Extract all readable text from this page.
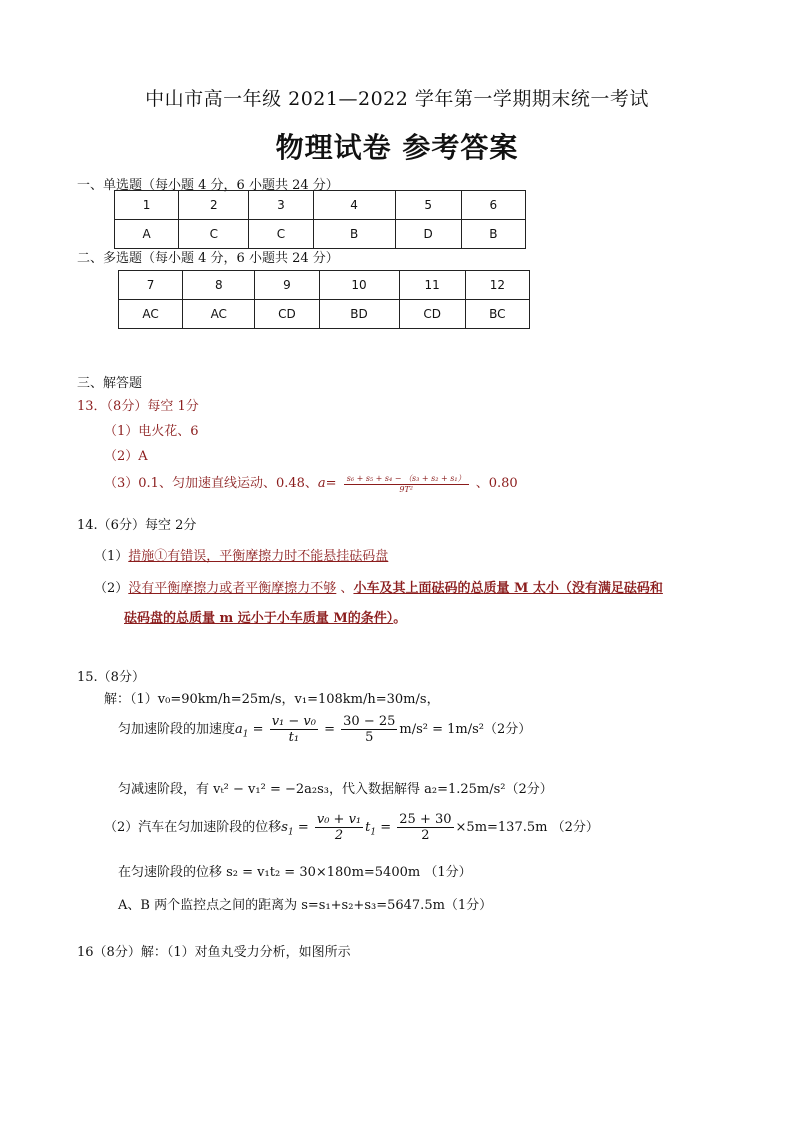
中山市高一年级 2021—2022 学年第一学期期末统一考试
物理试卷 参考答案
一、单选题（每小题 4 分，6 小题共 24 分）
1	2	3	4	5	6
A	C	C	B	D	B
二、多选题（每小题 4 分，6 小题共 24 分）
7	8	9	10	11	12
AC	AC	CD	BD	CD	BC
三、解答题
13．（8分）每空 1分
（1）电火花、6
（2）A
（3）0.1、匀加速直线运动、0.48、$a= \frac{\text{s₆ + s₅ + s₄ − （s₃ + s₂ + s₁）}}{\text{9T²}}$ 、0.80
14.（6分）每空 2分
（1）措施①有错误，平衡摩擦力时不能悬挂砝码盘
（2）没有平衡摩擦力或者平衡摩擦力不够 、小车及其上面砝码的总质量 M 太小（没有满足砝码和
砝码盘的总质量 m 远小于小车质量 M的条件）。
15.（8分）
解：（1）v₀=90km/h=25m/s，v₁=108km/h=30m/s，
匀加速阶段的加速度$a_1 = \frac{\text{v₁ − v₀}}{\text{t₁}} = \frac{30 - 25}{5} m/s^2 = 1m/s^2(2$分）
匀减速阶段，有 vₜ² − v₁² = −2a₂s₃，代入数据解得 a₂=1.25m/s²（2分）
（2）汽车在匀加速阶段的位移$s_1 = \frac{\text{v₀ + v₁}}{2} t_1 = \frac{25 + 30}{2} \times 5m=137.5m$ （2分）
在匀速阶段的位移 s₂ = v₁t₂ = 30×180m=5400m （1分）
A、B 两个监控点之间的距离为 s=s₁+s₂+s₃=5647.5m（1分）
16（8分）解：（1）对鱼丸受力分析，如图所示
